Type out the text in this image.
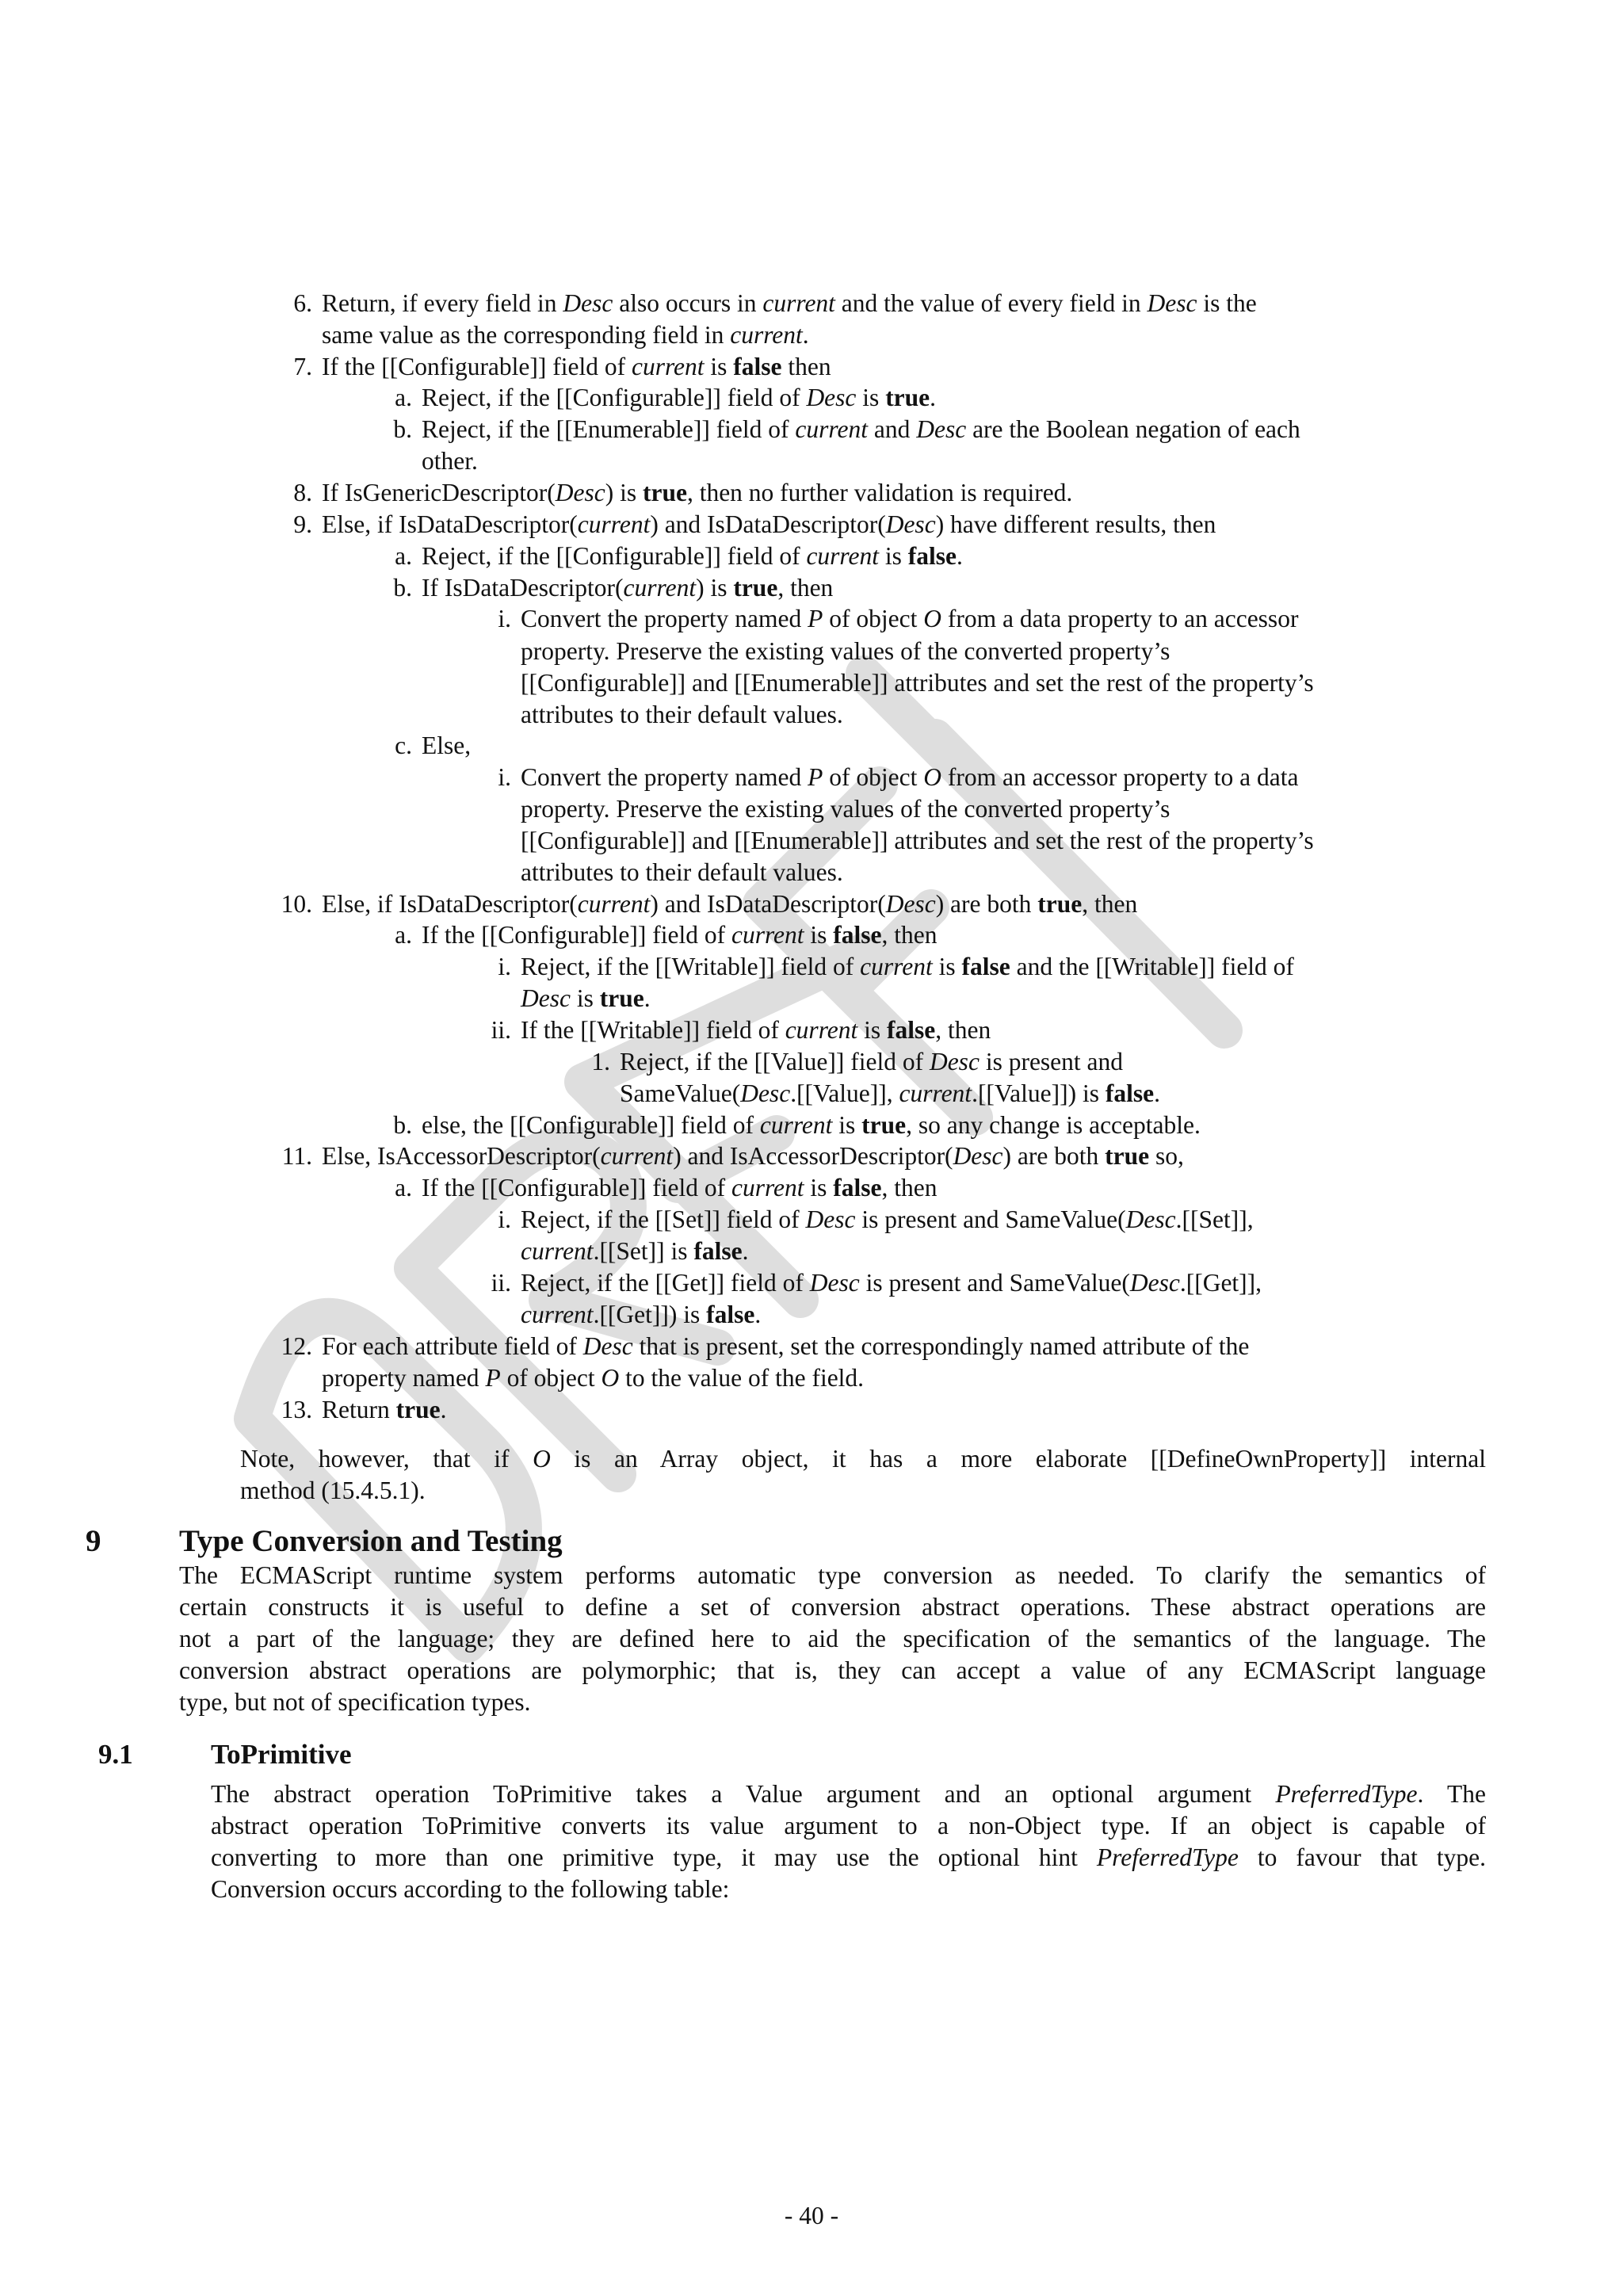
6. Return, if every field in Desc also occurs in current and the value of every field in Desc is the
same value as the corresponding field in current.
7. If the [[Configurable]] field of current is false then
a. Reject, if the [[Configurable]] field of Desc is true.
b. Reject, if the [[Enumerable]] field of current and Desc are the Boolean negation of each
other.
8. If IsGenericDescriptor(Desc) is true, then no further validation is required.
9. Else, if IsDataDescriptor(current) and IsDataDescriptor(Desc) have different results, then
a. Reject, if the [[Configurable]] field of current is false.
b. If IsDataDescriptor(current) is true, then
i. Convert the property named P of object O from a data property to an accessor
property. Preserve the existing values of the converted property’s
[[Configurable]] and [[Enumerable]] attributes and set the rest of the property’s
attributes to their default values.
c. Else,
i. Convert the property named P of object O from an accessor property to a data
property. Preserve the existing values of the converted property’s
[[Configurable]] and [[Enumerable]] attributes and set the rest of the property’s
attributes to their default values.
10. Else, if IsDataDescriptor(current) and IsDataDescriptor(Desc) are both true, then
a. If the [[Configurable]] field of current is false, then
i. Reject, if the [[Writable]] field of current is false and the [[Writable]] field of
Desc is true.
ii. If the [[Writable]] field of current is false, then
1. Reject, if the [[Value]] field of Desc is present and
SameValue(Desc.[[Value]], current.[[Value]]) is false.
b. else, the [[Configurable]] field of current is true, so any change is acceptable.
11. Else, IsAccessorDescriptor(current) and IsAccessorDescriptor(Desc) are both true so,
a. If the [[Configurable]] field of current is false, then
i. Reject, if the [[Set]] field of Desc is present and SameValue(Desc.[[Set]],
current.[[Set]] is false.
ii. Reject, if the [[Get]] field of Desc is present and SameValue(Desc.[[Get]],
current.[[Get]]) is false.
12. For each attribute field of Desc that is present, set the correspondingly named attribute of the
property named P of object O to the value of the field.
13. Return true.
Note, however, that if O is an Array object, it has a more elaborate [[DefineOwnProperty]] internal
method (15.4.5.1).
9	Type Conversion and Testing
The ECMAScript runtime system performs automatic type conversion as needed. To clarify the semantics of
certain constructs it is useful to define a set of conversion abstract operations. These abstract operations are
not a part of the language; they are defined here to aid the specification of the semantics of the language. The
conversion abstract operations are polymorphic; that is, they can accept a value of any ECMAScript language
type, but not of specification types.
9.1	ToPrimitive
The abstract operation ToPrimitive takes a Value argument and an optional argument PreferredType. The
abstract operation ToPrimitive converts its value argument to a non-Object type. If an object is capable of
converting to more than one primitive type, it may use the optional hint PreferredType to favour that type.
Conversion occurs according to the following table:
- 40 -
